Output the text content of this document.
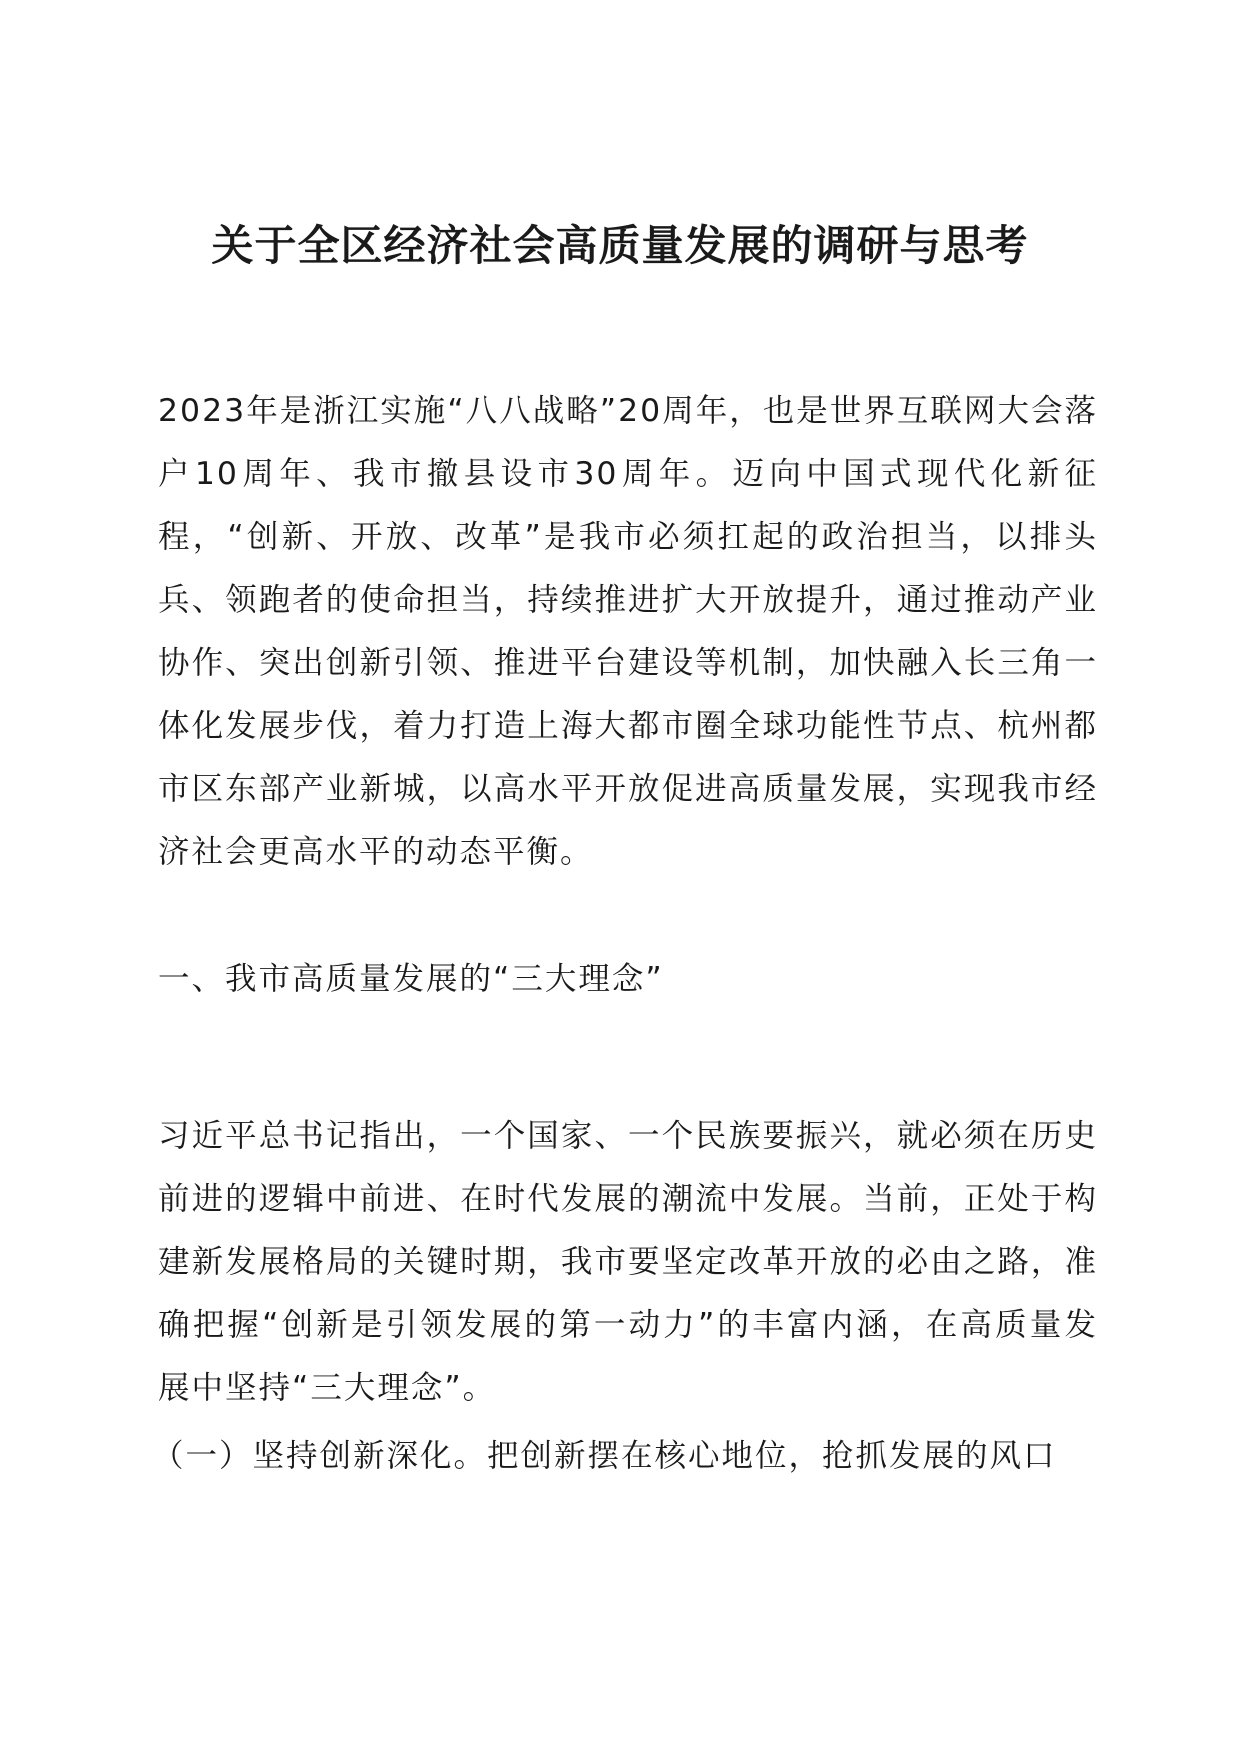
关于全区经济社会高质量发展的调研与思考

2023年是浙江实施“八八战略”20周年，也是世界互联网大会落户10周年、我市撤县设市30周年。迈向中国式现代化新征程，“创新、开放、改革”是我市必须扛起的政治担当，以排头兵、领跑者的使命担当，持续推进扩大开放提升，通过推动产业协作、突出创新引领、推进平台建设等机制，加快融入长三角一体化发展步伐，着力打造上海大都市圈全球功能性节点、杭州都市区东部产业新城，以高水平开放促进高质量发展，实现我市经济社会更高水平的动态平衡。

一、我市高质量发展的“三大理念”

习近平总书记指出，一个国家、一个民族要振兴，就必须在历史前进的逻辑中前进、在时代发展的潮流中发展。当前，正处于构建新发展格局的关键时期，我市要坚定改革开放的必由之路，准确把握“创新是引领发展的第一动力”的丰富内涵，在高质量发展中坚持“三大理念”。

（一）坚持创新深化。把创新摆在核心地位，抢抓发展的风口
